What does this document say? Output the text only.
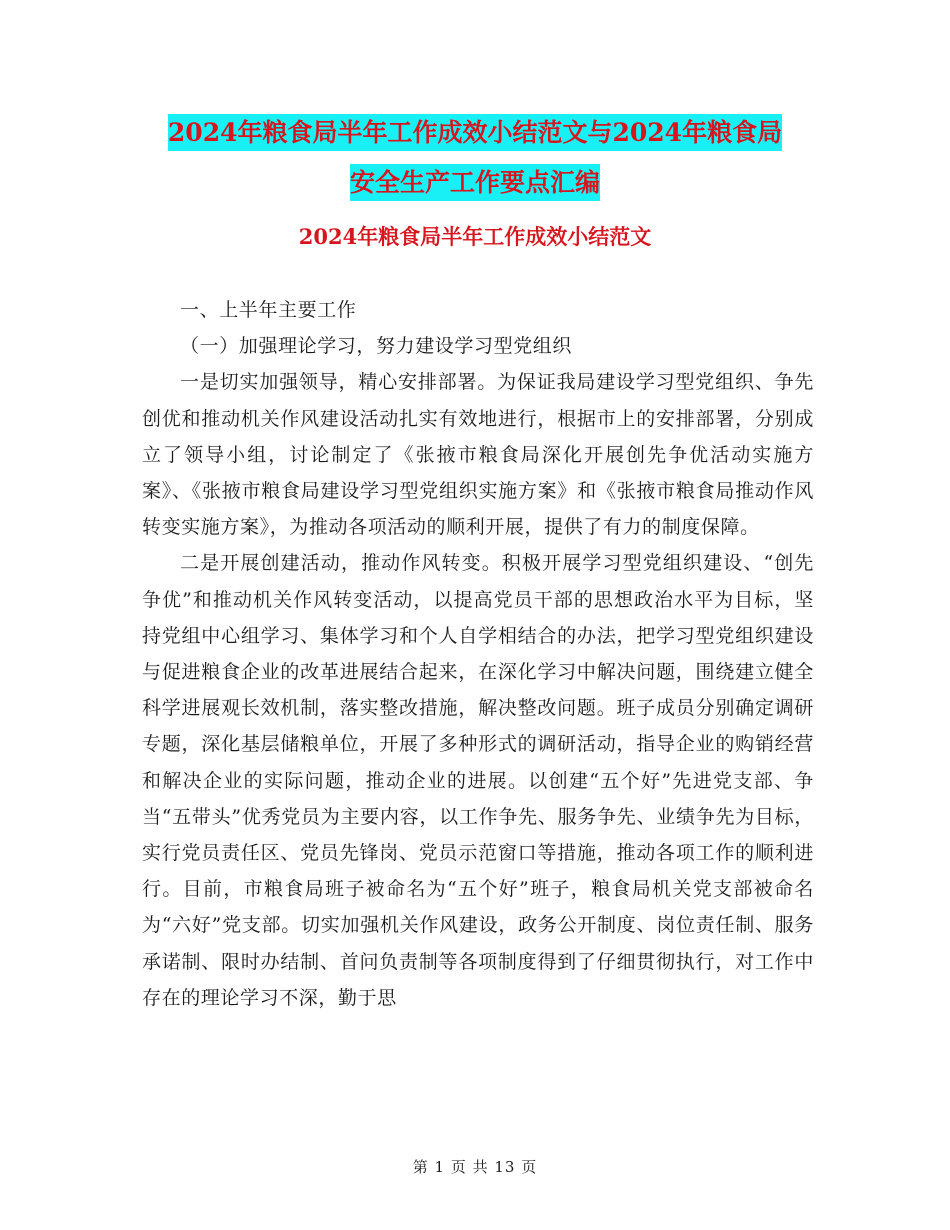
2024年粮食局半年工作成效小结范文与2024年粮食局
安全生产工作要点汇编
2024年粮食局半年工作成效小结范文

一、上半年主要工作

（一）加强理论学习，努力建设学习型党组织

一是切实加强领导，精心安排部署。为保证我局建设学习型党组织、争先创优和推动机关作风建设活动扎实有效地进行，根据市上的安排部署，分别成立了领导小组，讨论制定了《张掖市粮食局深化开展创先争优活动实施方案》、《张掖市粮食局建设学习型党组织实施方案》和《张掖市粮食局推动作风转变实施方案》，为推动各项活动的顺利开展，提供了有力的制度保障。

二是开展创建活动，推动作风转变。积极开展学习型党组织建设、“创先争优”和推动机关作风转变活动，以提高党员干部的思想政治水平为目标，坚持党组中心组学习、集体学习和个人自学相结合的办法，把学习型党组织建设与促进粮食企业的改革进展结合起来，在深化学习中解决问题，围绕建立健全科学进展观长效机制，落实整改措施，解决整改问题。班子成员分别确定调研专题，深化基层储粮单位，开展了多种形式的调研活动，指导企业的购销经营和解决企业的实际问题，推动企业的进展。以创建“五个好”先进党支部、争当“五带头”优秀党员为主要内容，以工作争先、服务争先、业绩争先为目标，实行党员责任区、党员先锋岗、党员示范窗口等措施，推动各项工作的顺利进行。目前，市粮食局班子被命名为“五个好”班子，粮食局机关党支部被命名为“六好”党支部。切实加强机关作风建设，政务公开制度、岗位责任制、服务承诺制、限时办结制、首问负责制等各项制度得到了仔细贯彻执行，对工作中存在的理论学习不深，勤于思

第 1 页 共 13 页
